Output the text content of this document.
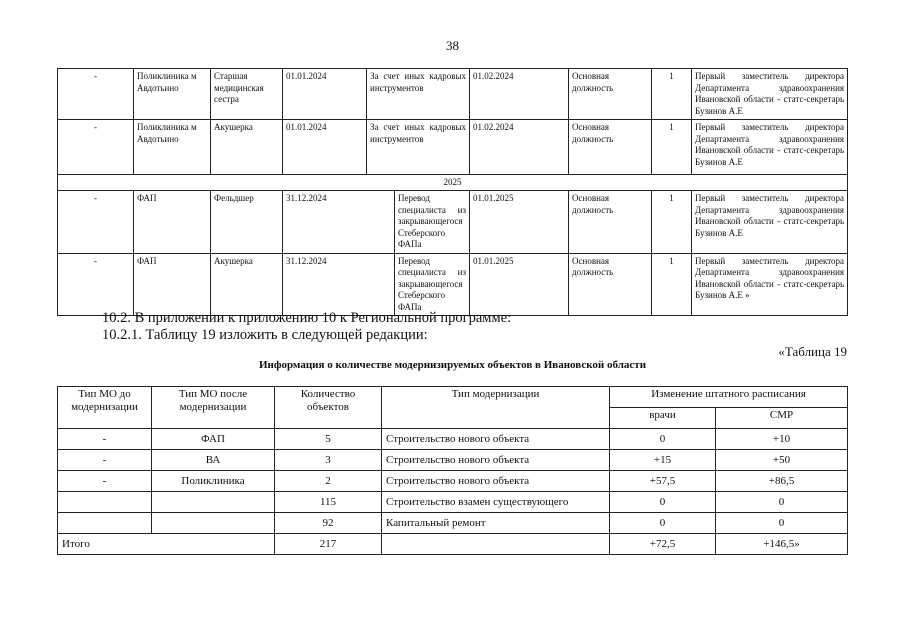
38
-	Поликлиника м Авдотьино	Старшая медицинская сестра	01.01.2024	За счет иных кадровых инструментов		01.02.2024	Основная должность	1	Первый заместитель директора Департамента здравоохранения Ивановской области - статс-секретарь Бузинов А.Е
-	Поликлиника м Авдотьино	Акушерка	01.01.2024	За счет иных кадровых инструментов		01.02.2024	Основная должность	1	Первый заместитель директора Департамента здравоохранения Ивановской области - статс-секретарь Бузинов А.Е
2025									
-	ФАП	Фельдшер	31.12.2024		Перевод специалиста из закрывающегося Стеберского ФАПа	01.01.2025	Основная должность	1	Первый заместитель директора Департамента здравоохранения Ивановской области - статс-секретарь Бузинов А.Е
-	ФАП	Акушерка	31.12.2024		Перевод специалиста из закрывающегося Стеберского ФАПа	01.01.2025	Основная должность	1	Первый заместитель директора Департамента здравоохранения Ивановской области - статс-секретарь Бузинов А.Е »
10.2. В приложении к приложению 10 к Региональной программе:
10.2.1. Таблицу 19 изложить в следующей редакции:
«Таблица 19
Информация о количестве модернизируемых объектов в Ивановской области
Тип МО до модернизации	Тип МО после модернизации	Количество объектов	Тип модернизации	Изменение штатного расписания	
				врачи	СМР
-	ФАП	5	Строительство нового объекта	0	+10
-	ВА	3	Строительство нового объекта	+15	+50
-	Поликлиника	2	Строительство нового объекта	+57,5	+86,5
		115	Строительство взамен существующего	0	0
		92	Капитальный ремонт	0	0
Итого		217		+72,5	+146,5»
